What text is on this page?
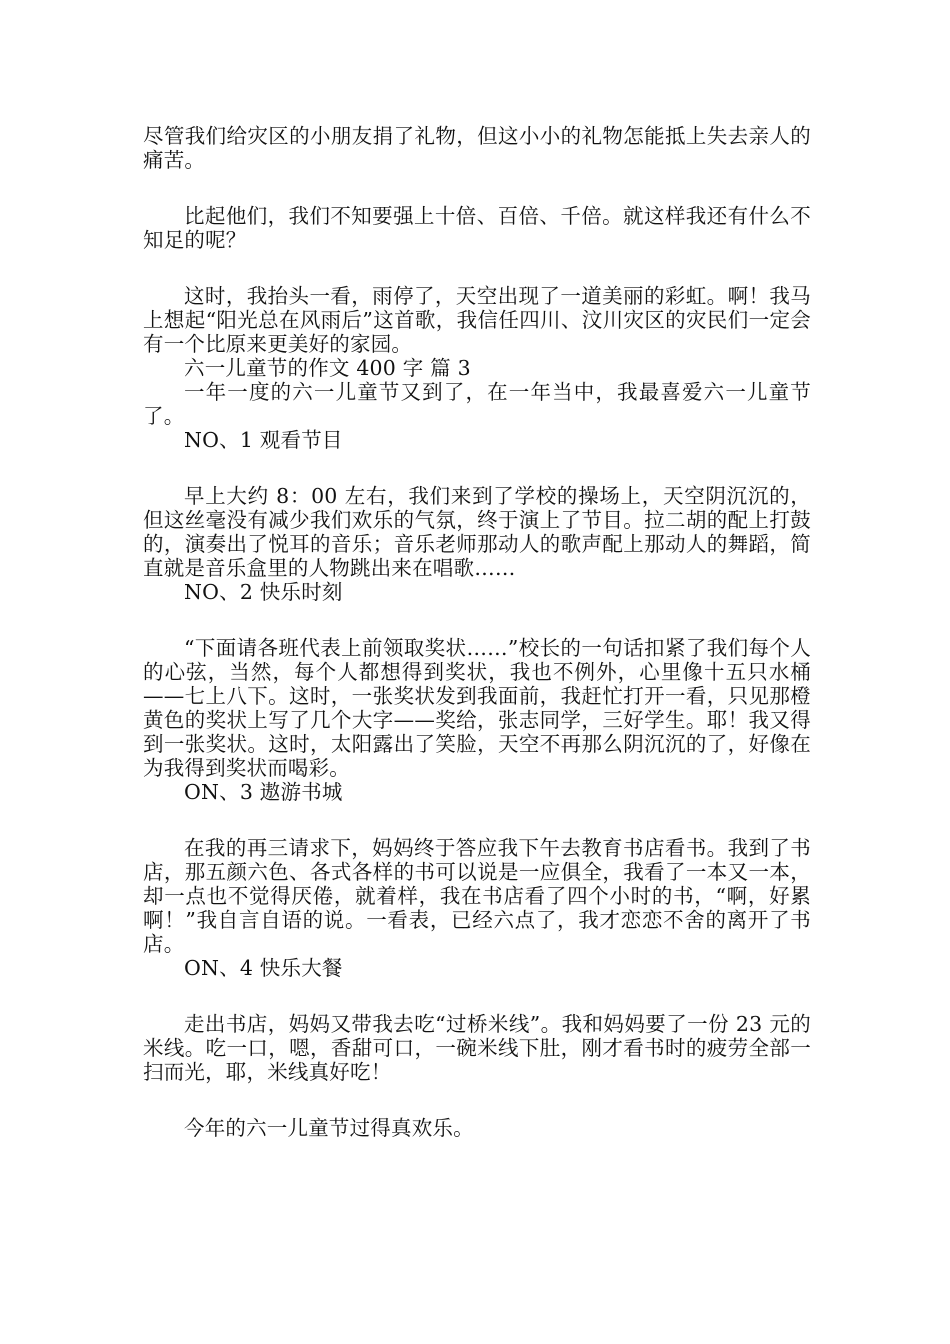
尽管我们给灾区的小朋友捐了礼物，但这小小的礼物怎能抵上失去亲人的痛苦。

比起他们，我们不知要强上十倍、百倍、千倍。就这样我还有什么不知足的呢？

这时，我抬头一看，雨停了，天空出现了一道美丽的彩虹。啊！我马上想起“阳光总在风雨后”这首歌，我信任四川、汶川灾区的灾民们一定会有一个比原来更美好的家园。

六一儿童节的作文 400 字 篇 3

一年一度的六一儿童节又到了，在一年当中，我最喜爱六一儿童节了。

NO、1 观看节目

早上大约 8：00 左右，我们来到了学校的操场上，天空阴沉沉的，但这丝毫没有减少我们欢乐的气氛，终于演上了节目。拉二胡的配上打鼓的，演奏出了悦耳的音乐；音乐老师那动人的歌声配上那动人的舞蹈，简直就是音乐盒里的人物跳出来在唱歌……

NO、2 快乐时刻

“下面请各班代表上前领取奖状……”校长的一句话扣紧了我们每个人的心弦，当然，每个人都想得到奖状，我也不例外，心里像十五只水桶——七上八下。这时，一张奖状发到我面前，我赶忙打开一看，只见那橙黄色的奖状上写了几个大字——奖给，张志同学，三好学生。耶！我又得到一张奖状。这时，太阳露出了笑脸，天空不再那么阴沉沉的了，好像在为我得到奖状而喝彩。

ON、3 遨游书城

在我的再三请求下，妈妈终于答应我下午去教育书店看书。我到了书店，那五颜六色、各式各样的书可以说是一应俱全，我看了一本又一本，却一点也不觉得厌倦，就着样，我在书店看了四个小时的书，“啊，好累啊！”我自言自语的说。一看表，已经六点了，我才恋恋不舍的离开了书店。

ON、4 快乐大餐

走出书店，妈妈又带我去吃“过桥米线”。我和妈妈要了一份 23 元的米线。吃一口，嗯，香甜可口，一碗米线下肚，刚才看书时的疲劳全部一扫而光，耶，米线真好吃！

今年的六一儿童节过得真欢乐。
